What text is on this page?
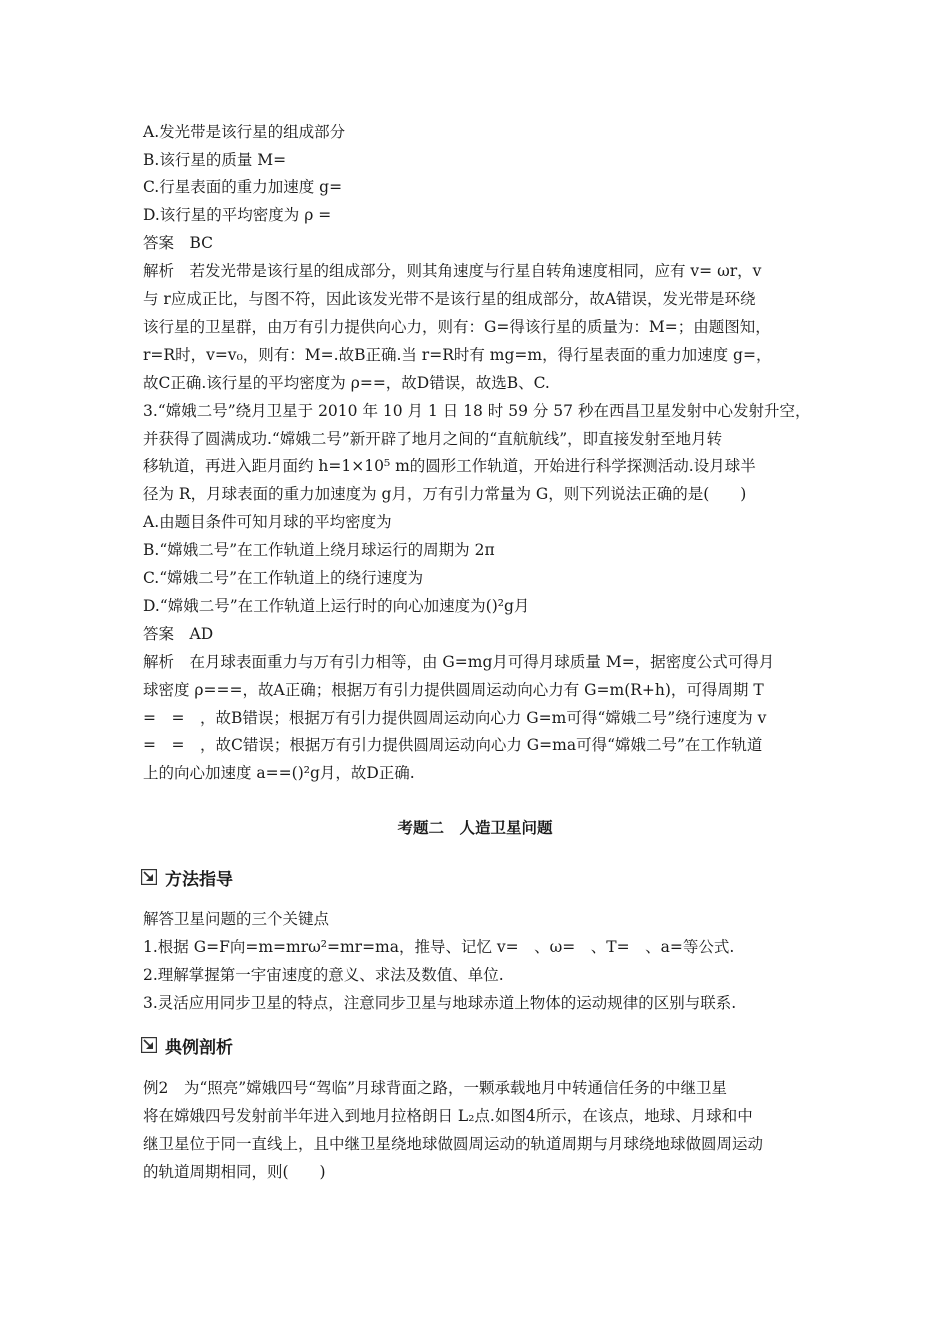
A.发光带是该行星的组成部分
B.该行星的质量 M=
C.行星表面的重力加速度 g=
D.该行星的平均密度为 ρ =
答案　BC
解析　若发光带是该行星的组成部分，则其角速度与行星自转角速度相同，应有 v= ωr，v
与 r应成正比，与图不符，因此该发光带不是该行星的组成部分，故A错误，发光带是环绕
该行星的卫星群，由万有引力提供向心力，则有：G=得该行星的质量为：M=；由题图知，
r=R时，v=v₀，则有：M=.故B正确.当 r=R时有 mg=m，得行星表面的重力加速度 g=，
故C正确.该行星的平均密度为 ρ==，故D错误，故选B、C.
3.“嫦娥二号”绕月卫星于 2010 年 10 月 1 日 18 时 59 分 57 秒在西昌卫星发射中心发射升空，
并获得了圆满成功.“嫦娥二号”新开辟了地月之间的“直航航线”，即直接发射至地月转
移轨道，再进入距月面约 h=1×10⁵ m的圆形工作轨道，开始进行科学探测活动.设月球半
径为 R，月球表面的重力加速度为 g月，万有引力常量为 G，则下列说法正确的是(　　)
A.由题目条件可知月球的平均密度为
B.“嫦娥二号”在工作轨道上绕月球运行的周期为 2π
C.“嫦娥二号”在工作轨道上的绕行速度为
D.“嫦娥二号”在工作轨道上运行时的向心加速度为()²g月
答案　AD
解析　在月球表面重力与万有引力相等，由 G=mg月可得月球质量 M=，据密度公式可得月
球密度 ρ===，故A正确；根据万有引力提供圆周运动向心力有 G=m(R+h)，可得周期 T
=　=　，故B错误；根据万有引力提供圆周运动向心力 G=m可得“嫦娥二号”绕行速度为 v
=　=　，故C错误；根据万有引力提供圆周运动向心力 G=ma可得“嫦娥二号”在工作轨道
上的向心加速度 a==()²g月，故D正确.
考题二　人造卫星问题
方法指导
解答卫星问题的三个关键点
1.根据 G=F向=m=mrω²=mr=ma，推导、记忆 v=　、ω=　、T=　、a=等公式.
2.理解掌握第一宇宙速度的意义、求法及数值、单位.
3.灵活应用同步卫星的特点，注意同步卫星与地球赤道上物体的运动规律的区别与联系.
典例剖析
例2　为“照亮”嫦娥四号“驾临”月球背面之路，一颗承载地月中转通信任务的中继卫星
将在嫦娥四号发射前半年进入到地月拉格朗日 L₂点.如图4所示，在该点，地球、月球和中
继卫星位于同一直线上，且中继卫星绕地球做圆周运动的轨道周期与月球绕地球做圆周运动
的轨道周期相同，则(　　)
